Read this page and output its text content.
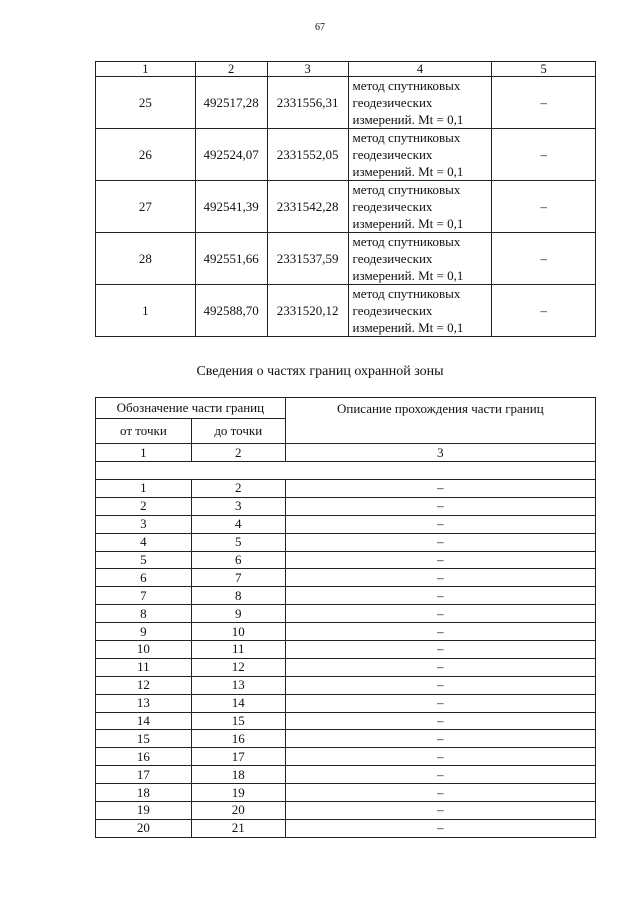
67
1	2	3	4	5
25	492517,28	2331556,31	метод спутниковых
геодезических
измерений. Mt = 0,1	–
26	492524,07	2331552,05	метод спутниковых
геодезических
измерений. Mt = 0,1	–
27	492541,39	2331542,28	метод спутниковых
геодезических
измерений. Mt = 0,1	–
28	492551,66	2331537,59	метод спутниковых
геодезических
измерений. Mt = 0,1	–
1	492588,70	2331520,12	метод спутниковых
геодезических
измерений. Mt = 0,1	–
Сведения о частях границ охранной зоны
Обозначение части границ		Описание прохождения части границ
от точки	до точки	
1	2	3

1	2	–
2	3	–
3	4	–
4	5	–
5	6	–
6	7	–
7	8	–
8	9	–
9	10	–
10	11	–
11	12	–
12	13	–
13	14	–
14	15	–
15	16	–
16	17	–
17	18	–
18	19	–
19	20	–
20	21	–
